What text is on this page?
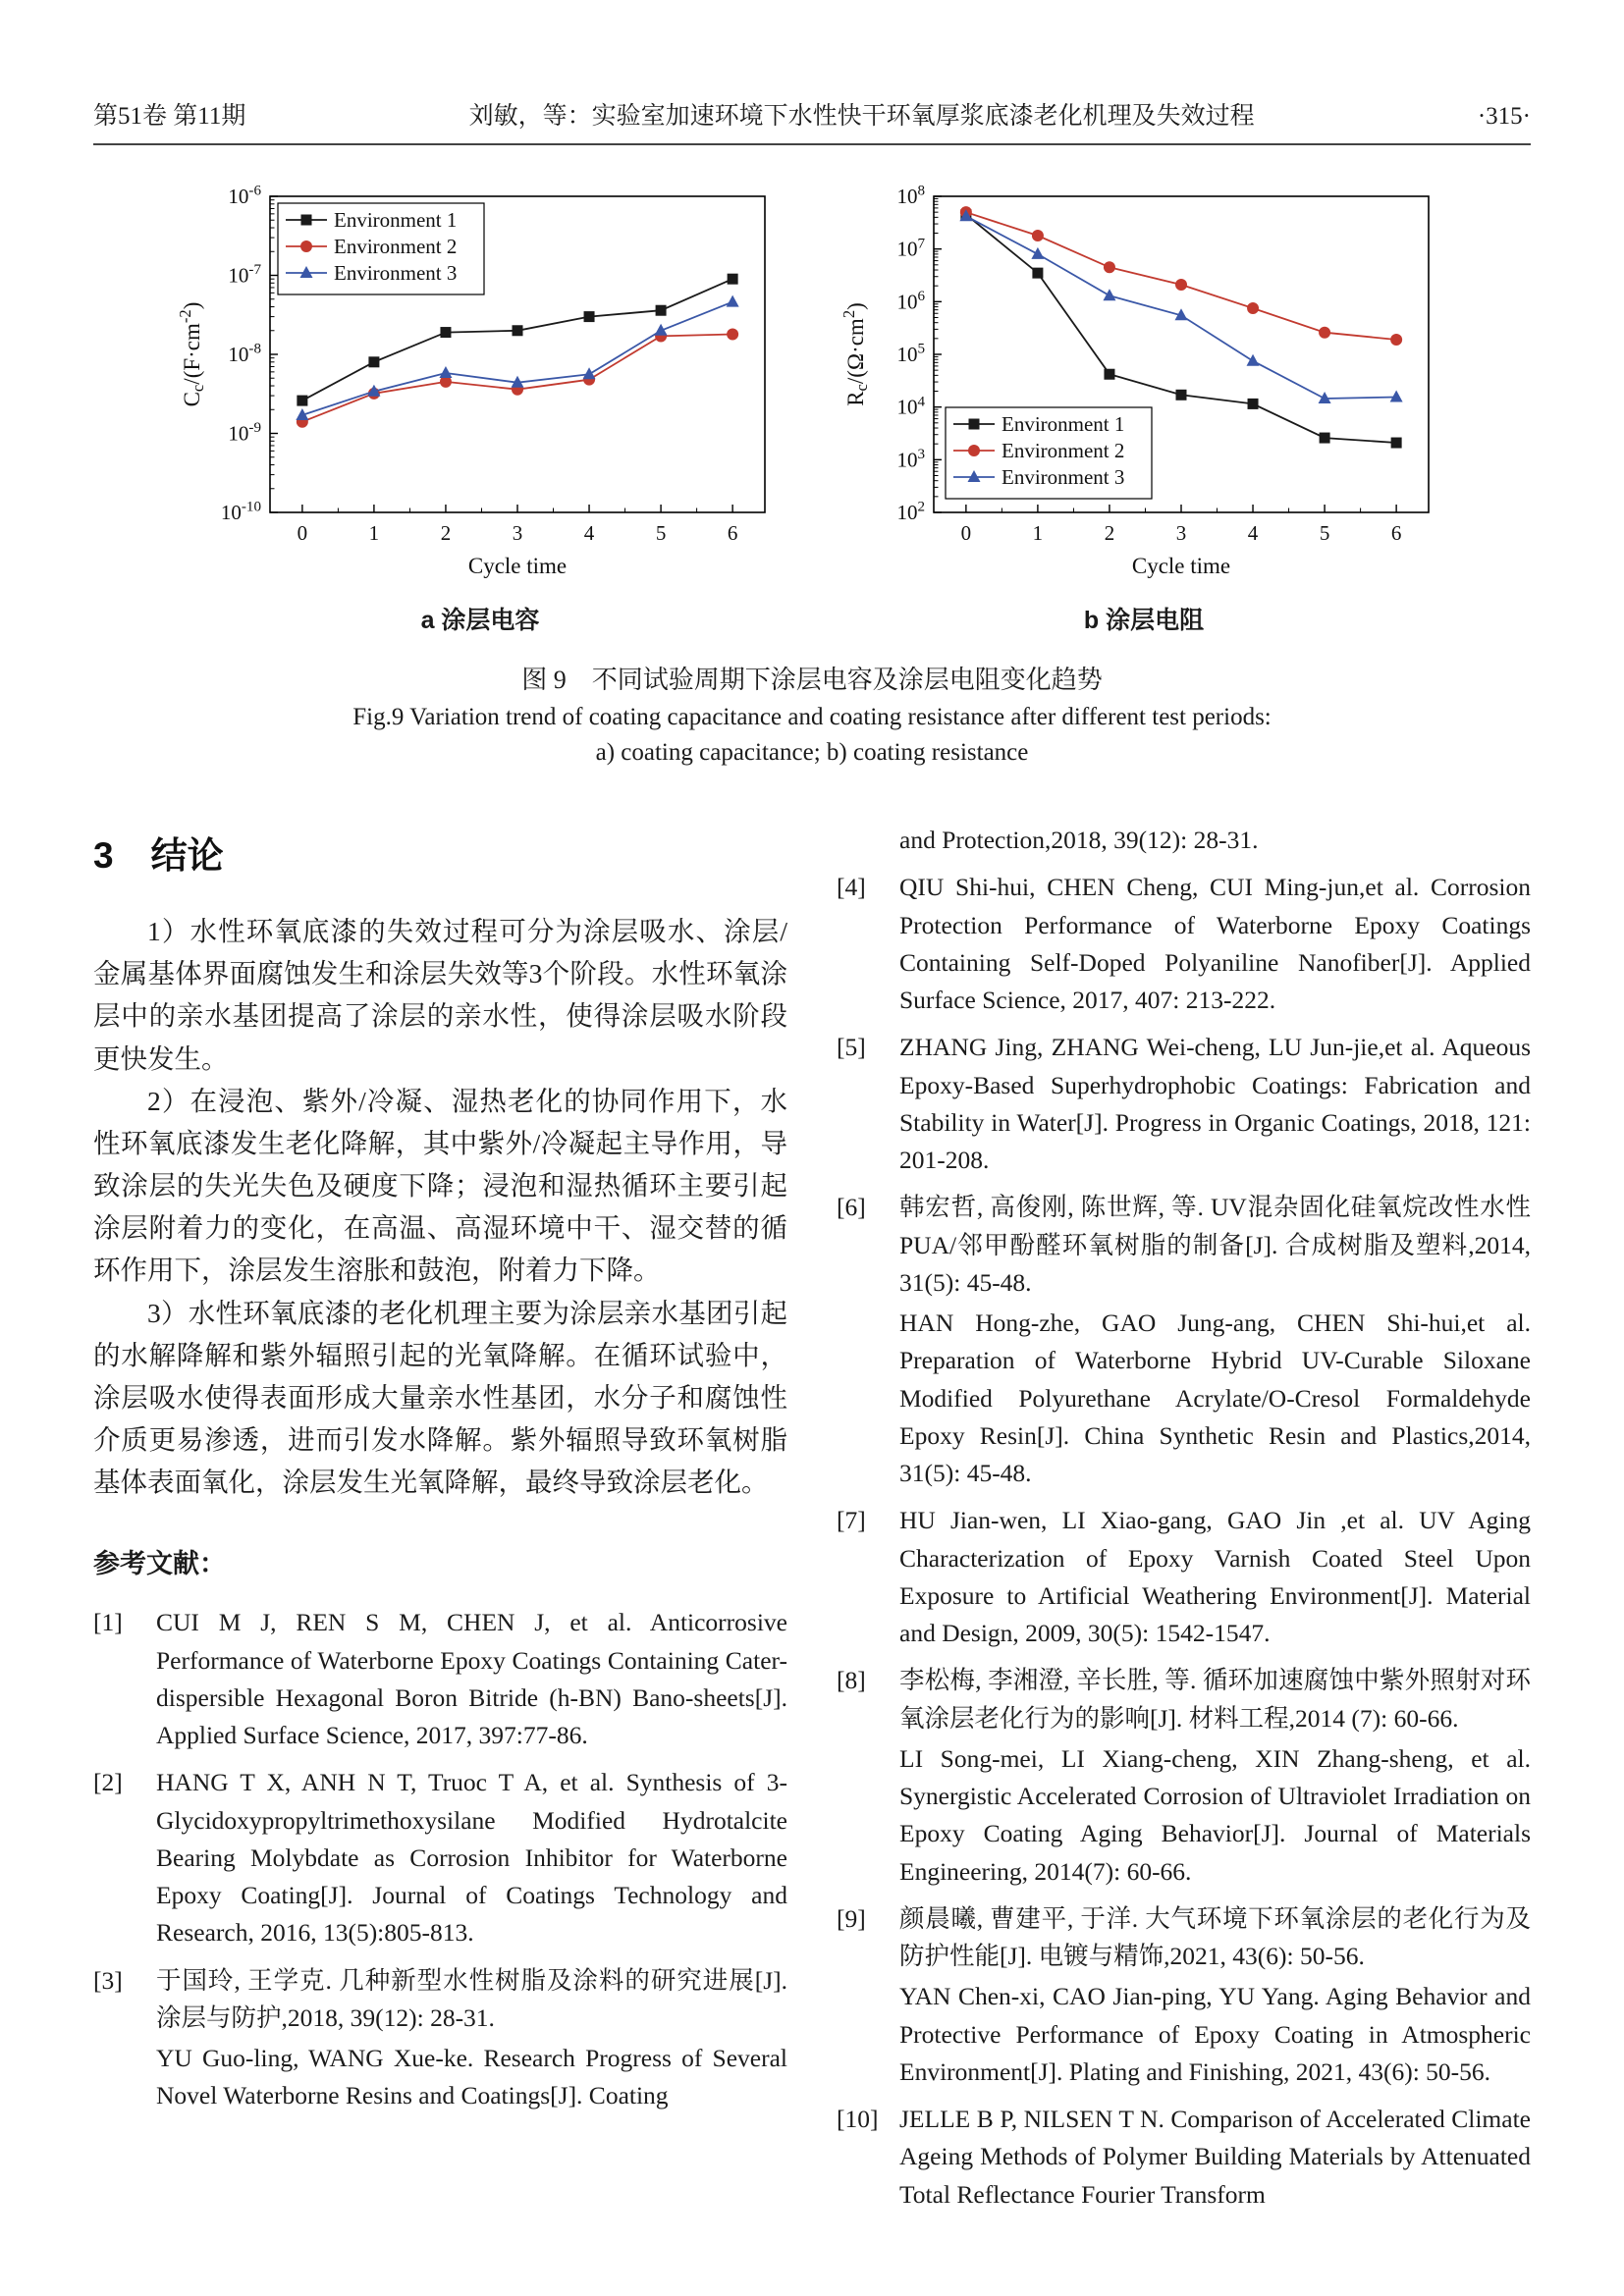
第51卷 第11期	刘敏，等：实验室加速环境下水性快干环氧厚浆底漆老化机理及失效过程	·315·
$10^{-10}$
$10^{-9}$
$10^{-8}$
$10^{-7}$
$10^{-6}$
0	1	2	3	4	5	6
Cycle time
$Cc/(F\cdot cm^{-2})$
Environment 1
Environment 2
Environment 3
$10^2$
$10^3$
$10^4$
$10^5$
$10^6$
$10^7$
$10^8$
0	1	2	3	4	5	6
Cycle time
$Rc/(\Omega\cdot cm^2)$
Environment 1
Environment 2
Environment 3
a 涂层电容	b 涂层电阻
图 9　不同试验周期下涂层电容及涂层电阻变化趋势
Fig.9 Variation trend of coating capacitance and coating resistance after different test periods:
a) coating capacitance; b) coating resistance
3 结论

1）水性环氧底漆的失效过程可分为涂层吸水、涂层/金属基体界面腐蚀发生和涂层失效等3个阶段。水性环氧涂层中的亲水基团提高了涂层的亲水性，使得涂层吸水阶段更快发生。

2）在浸泡、紫外/冷凝、湿热老化的协同作用下，水性环氧底漆发生老化降解，其中紫外/冷凝起主导作用，导致涂层的失光失色及硬度下降；浸泡和湿热循环主要引起涂层附着力的变化，在高温、高湿环境中干、湿交替的循环作用下，涂层发生溶胀和鼓泡，附着力下降。

3）水性环氧底漆的老化机理主要为涂层亲水基团引起的水解降解和紫外辐照引起的光氧降解。在循环试验中，涂层吸水使得表面形成大量亲水性基团，水分子和腐蚀性介质更易渗透，进而引发水降解。紫外辐照导致环氧树脂基体表面氧化，涂层发生光氧降解，最终导致涂层老化。

参考文献：
[1]	CUI M J, REN S M, CHEN J, et al. Anticorrosive Performance of Waterborne Epoxy Coatings Containing Cater-dispersible Hexagonal Boron Bitride (h-BN) Bano-sheets[J]. Applied Surface Science, 2017, 397:77-86.

[2]	HANG T X, ANH N T, Truoc T A, et al. Synthesis of 3-Glycidoxypropyltrimethoxysilane Modified Hydrotalcite Bearing Molybdate as Corrosion Inhibitor for Waterborne Epoxy Coating[J]. Journal of Coatings Technology and Research, 2016, 13(5):805-813.

[3]	于国玲, 王学克. 几种新型水性树脂及涂料的研究进展[J]. 涂层与防护,2018, 39(12): 28-31.

YU Guo-ling, WANG Xue-ke. Research Progress of Several Novel Waterborne Resins and Coatings[J]. Coating

and Protection,2018, 39(12): 28-31.

[4]	QIU Shi-hui, CHEN Cheng, CUI Ming-jun,et al. Corrosion Protection Performance of Waterborne Epoxy Coatings Containing Self-Doped Polyaniline Nanofiber[J]. Applied Surface Science, 2017, 407: 213-222.

[5]	ZHANG Jing, ZHANG Wei-cheng, LU Jun-jie,et al. Aqueous Epoxy-Based Superhydrophobic Coatings: Fabrication and Stability in Water[J]. Progress in Organic Coatings, 2018, 121: 201-208.

[6]	韩宏哲, 高俊刚, 陈世辉, 等. UV混杂固化硅氧烷改性水性PUA/邻甲酚醛环氧树脂的制备[J]. 合成树脂及塑料,2014, 31(5): 45-48.

HAN Hong-zhe, GAO Jung-ang, CHEN Shi-hui,et al. Preparation of Waterborne Hybrid UV-Curable Siloxane Modified Polyurethane Acrylate/O-Cresol Formaldehyde Epoxy Resin[J]. China Synthetic Resin and Plastics,2014, 31(5): 45-48.

[7]	HU Jian-wen, LI Xiao-gang, GAO Jin ,et al. UV Aging Characterization of Epoxy Varnish Coated Steel Upon Exposure to Artificial Weathering Environment[J]. Material and Design, 2009, 30(5): 1542-1547.

[8]	李松梅, 李湘澄, 辛长胜, 等. 循环加速腐蚀中紫外照射对环氧涂层老化行为的影响[J]. 材料工程,2014 (7): 60-66.

LI Song-mei, LI Xiang-cheng, XIN Zhang-sheng, et al. Synergistic Accelerated Corrosion of Ultraviolet Irradiation on Epoxy Coating Aging Behavior[J]. Journal of Materials Engineering, 2014(7): 60-66.

[9]	颜晨曦, 曹建平, 于洋. 大气环境下环氧涂层的老化行为及防护性能[J]. 电镀与精饰,2021, 43(6): 50-56.

YAN Chen-xi, CAO Jian-ping, YU Yang. Aging Behavior and Protective Performance of Epoxy Coating in Atmospheric Environment[J]. Plating and Finishing, 2021, 43(6): 50-56.

[10] JELLE B P, NILSEN T N. Comparison of Accelerated Climate Ageing Methods of Polymer Building Materials by Attenuated Total Reflectance Fourier Transform
